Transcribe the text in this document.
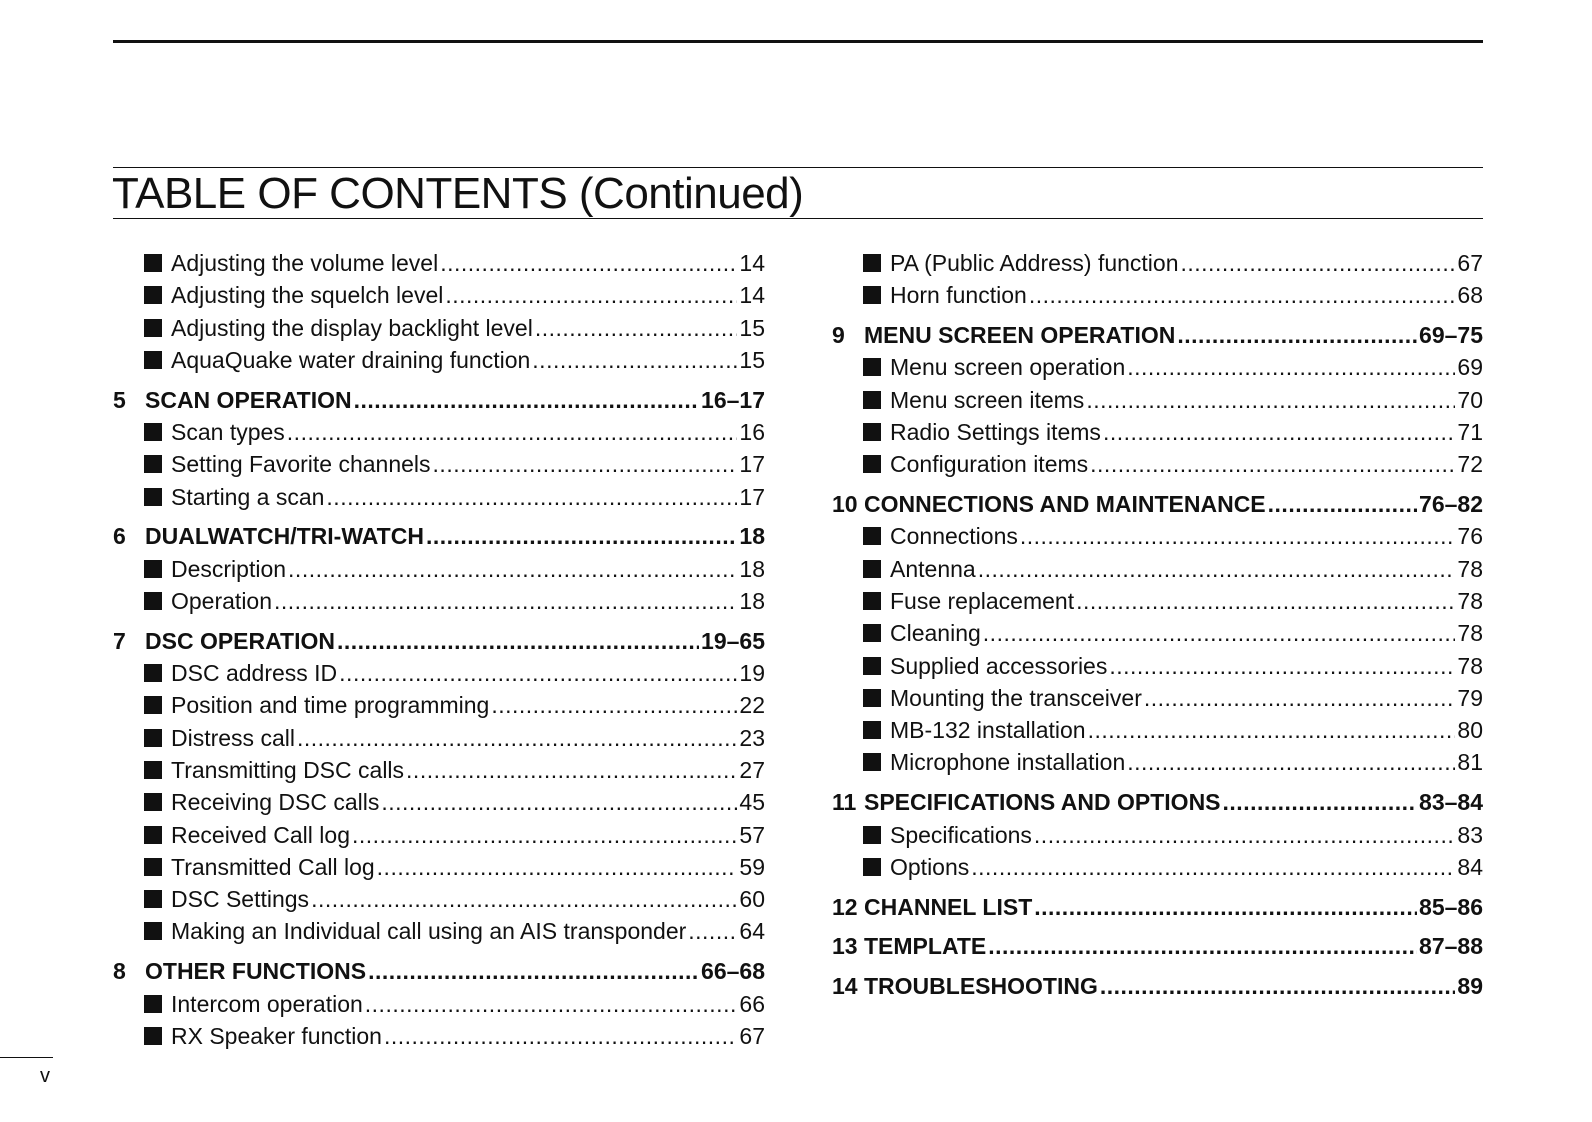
TABLE OF CONTENTS (Continued)
Adjusting the volume level .....	14
Adjusting the squelch level .....	14
Adjusting the display backlight level .....	15
AquaQuake water draining function .....	15
5 SCAN OPERATION .....	16–17
Scan types .....	16
Setting Favorite channels .....	17
Starting a scan .....	17
6 DUALWATCH/TRI-WATCH .....	18
Description .....	18
Operation .....	18
7 DSC OPERATION .....	19–65
DSC address ID .....	19
Position and time programming .....	22
Distress call .....	23
Transmitting DSC calls .....	27
Receiving DSC calls .....	45
Received Call log .....	57
Transmitted Call log .....	59
DSC Settings .....	60
Making an Individual call using an AIS transponder ..... 64
8 OTHER FUNCTIONS .....	66–68
Intercom operation .....	66
RX Speaker function .....	67
PA (Public Address) function .....	67
Horn function .....	68
9 MENU SCREEN OPERATION .....	69–75
Menu screen operation .....	69
Menu screen items .....	70
Radio Settings items .....	71
Configuration items .....	72
10 CONNECTIONS AND MAINTENANCE .....	76–82
Connections .....	76
Antenna .....	78
Fuse replacement .....	78
Cleaning .....	78
Supplied accessories .....	78
Mounting the transceiver .....	79
MB-132 installation .....	80
Microphone installation .....	81
11 SPECIFICATIONS AND OPTIONS .....	83–84
Specifications .....	83
Options .....	84
12 CHANNEL LIST .....	85–86
13 TEMPLATE .....	87–88
14 TROUBLESHOOTING .....	89
v
